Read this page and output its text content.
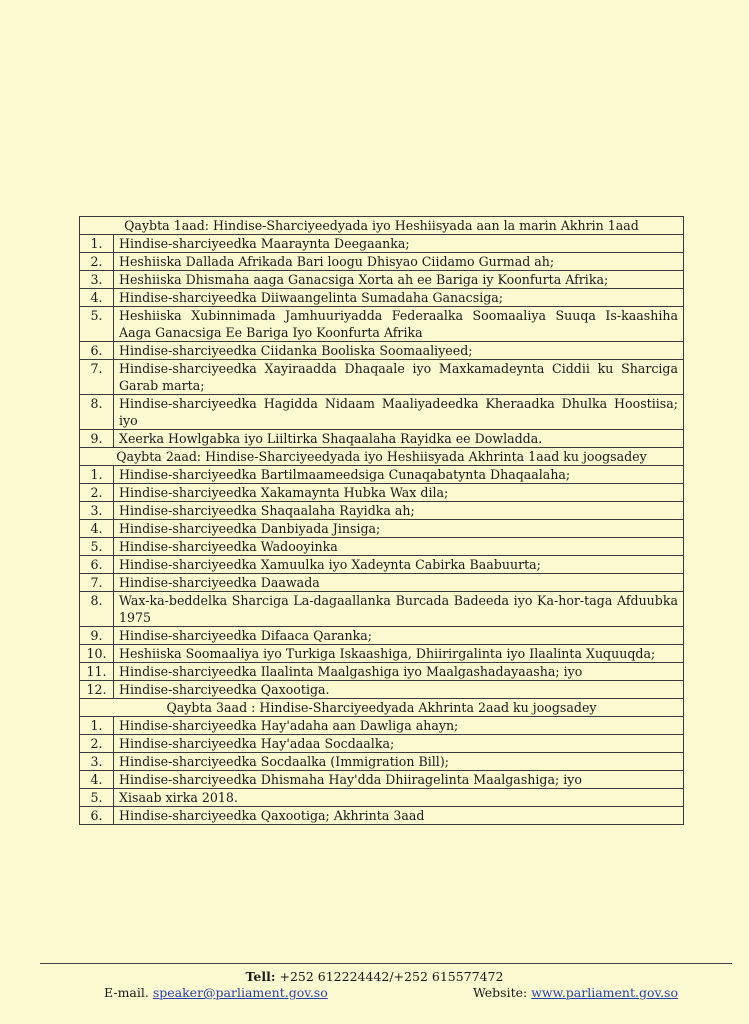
Qaybta 1aad: Hindise-Sharciyeedyada iyo Heshiisyada aan la marin Akhrin 1aad	
1.	Hindise-sharciyeedka Maaraynta Deegaanka;
2.	Heshiiska Dallada Afrikada Bari loogu Dhisyao Ciidamo Gurmad ah;
3.	Heshiiska Dhismaha aaga Ganacsiga Xorta ah ee Bariga iy Koonfurta Afrika;
4.	Hindise-sharciyeedka Diiwaangelinta Sumadaha Ganacsiga;
5.	Heshiiska Xubinnimada Jamhuuriyadda Federaalka Soomaaliya Suuqa Is-kaashiha Aaga Ganacsiga Ee Bariga Iyo Koonfurta Afrika
6.	Hindise-sharciyeedka Ciidanka Booliska Soomaaliyeed;
7.	Hindise-sharciyeedka Xayiraadda Dhaqaale iyo Maxkamadeynta Ciddii ku Sharciga Garab marta;
8.	Hindise-sharciyeedka Hagidda Nidaam Maaliyadeedka Kheraadka Dhulka Hoostiisa; iyo
9.	Xeerka Howlgabka iyo Liiltirka Shaqaalaha Rayidka ee Dowladda.
Qaybta 2aad: Hindise-Sharciyeedyada iyo Heshiisyada Akhrinta 1aad ku joogsadey	
1.	Hindise-sharciyeedka Bartilmaameedsiga Cunaqabatynta Dhaqaalaha;
2.	Hindise-sharciyeedka Xakamaynta Hubka Wax dila;
3.	Hindise-sharciyeedka Shaqaalaha Rayidka ah;
4.	Hindise-sharciyeedka Danbiyada Jinsiga;
5.	Hindise-sharciyeedka Wadooyinka
6.	Hindise-sharciyeedka Xamuulka iyo Xadeynta Cabirka Baabuurta;
7.	Hindise-sharciyeedka Daawada
8.	Wax-ka-beddelka Sharciga La-dagaallanka Burcada Badeeda iyo Ka-hor-taga Afduubka 1975
9.	Hindise-sharciyeedka Difaaca Qaranka;
10.	Heshiiska Soomaaliya iyo Turkiga Iskaashiga, Dhiirirgalinta iyo Ilaalinta Xuquuqda;
11.	Hindise-sharciyeedka Ilaalinta Maalgashiga iyo Maalgashadayaasha; iyo
12.	Hindise-sharciyeedka Qaxootiga.
Qaybta 3aad : Hindise-Sharciyeedyada Akhrinta 2aad ku joogsadey	
1.	Hindise-sharciyeedka Hay'adaha aan Dawliga ahayn;
2.	Hindise-sharciyeedka Hay'adaa Socdaalka;
3.	Hindise-sharciyeedka Socdaalka (Immigration Bill);
4.	Hindise-sharciyeedka Dhismaha Hay'dda Dhiiragelinta Maalgashiga; iyo
5.	Xisaab xirka 2018.
6.	Hindise-sharciyeedka Qaxootiga; Akhrinta 3aad
Tell: +252 612224442/+252 615577472
E-mail. speaker@parliament.gov.so	Website: www.parliament.gov.so
